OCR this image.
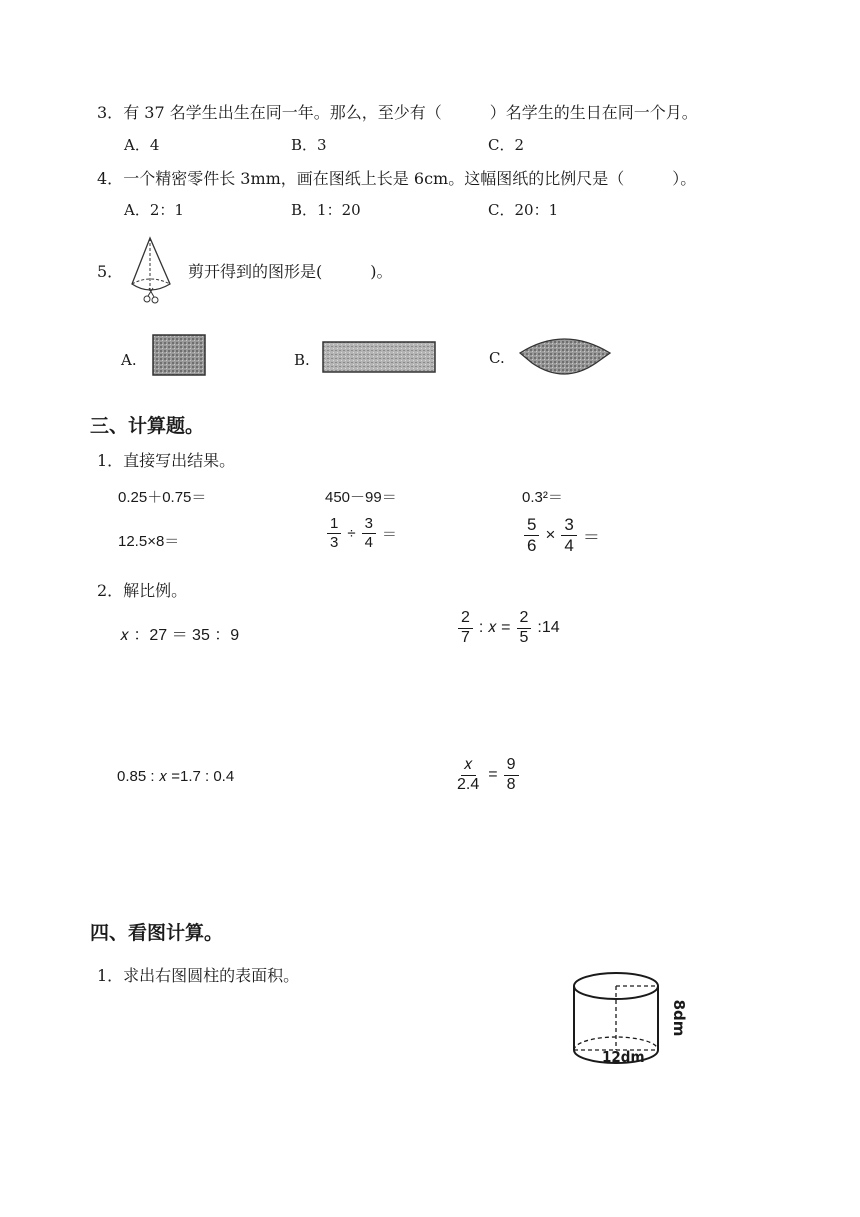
3．有 37 名学生出生在同一年。那么，至少有（　　　）名学生的生日在同一个月。
A．4	B．3	C．2
4．一个精密零件长 3mm，画在图纸上长是 6cm。这幅图纸的比例尺是（　　　）。
A．2：1	B．1：20	C．20：1
5．	剪开得到的图形是(　　　)。
A.	B.	C.
三、计算题。
1．直接写出结果。
0.25＋0.75＝	450－99＝	0.3²＝
12.5×8＝	$\frac{1}{3} \div \frac{3}{4}$ ＝	$\frac{5}{6} \times \frac{3}{4}$ ＝
2．解比例。
𝑥 ：27 ＝ 35 ：9	$\frac{2}{7}$ : 𝑥 = $\frac{2}{5}$ :14
0.85 : 𝑥 =1.7 : 0.4	$\frac{\text{𝑥}}{2.4} = \frac{9}{8}$
四、看图计算。
1．求出右图圆柱的表面积。
12dm
8dm
